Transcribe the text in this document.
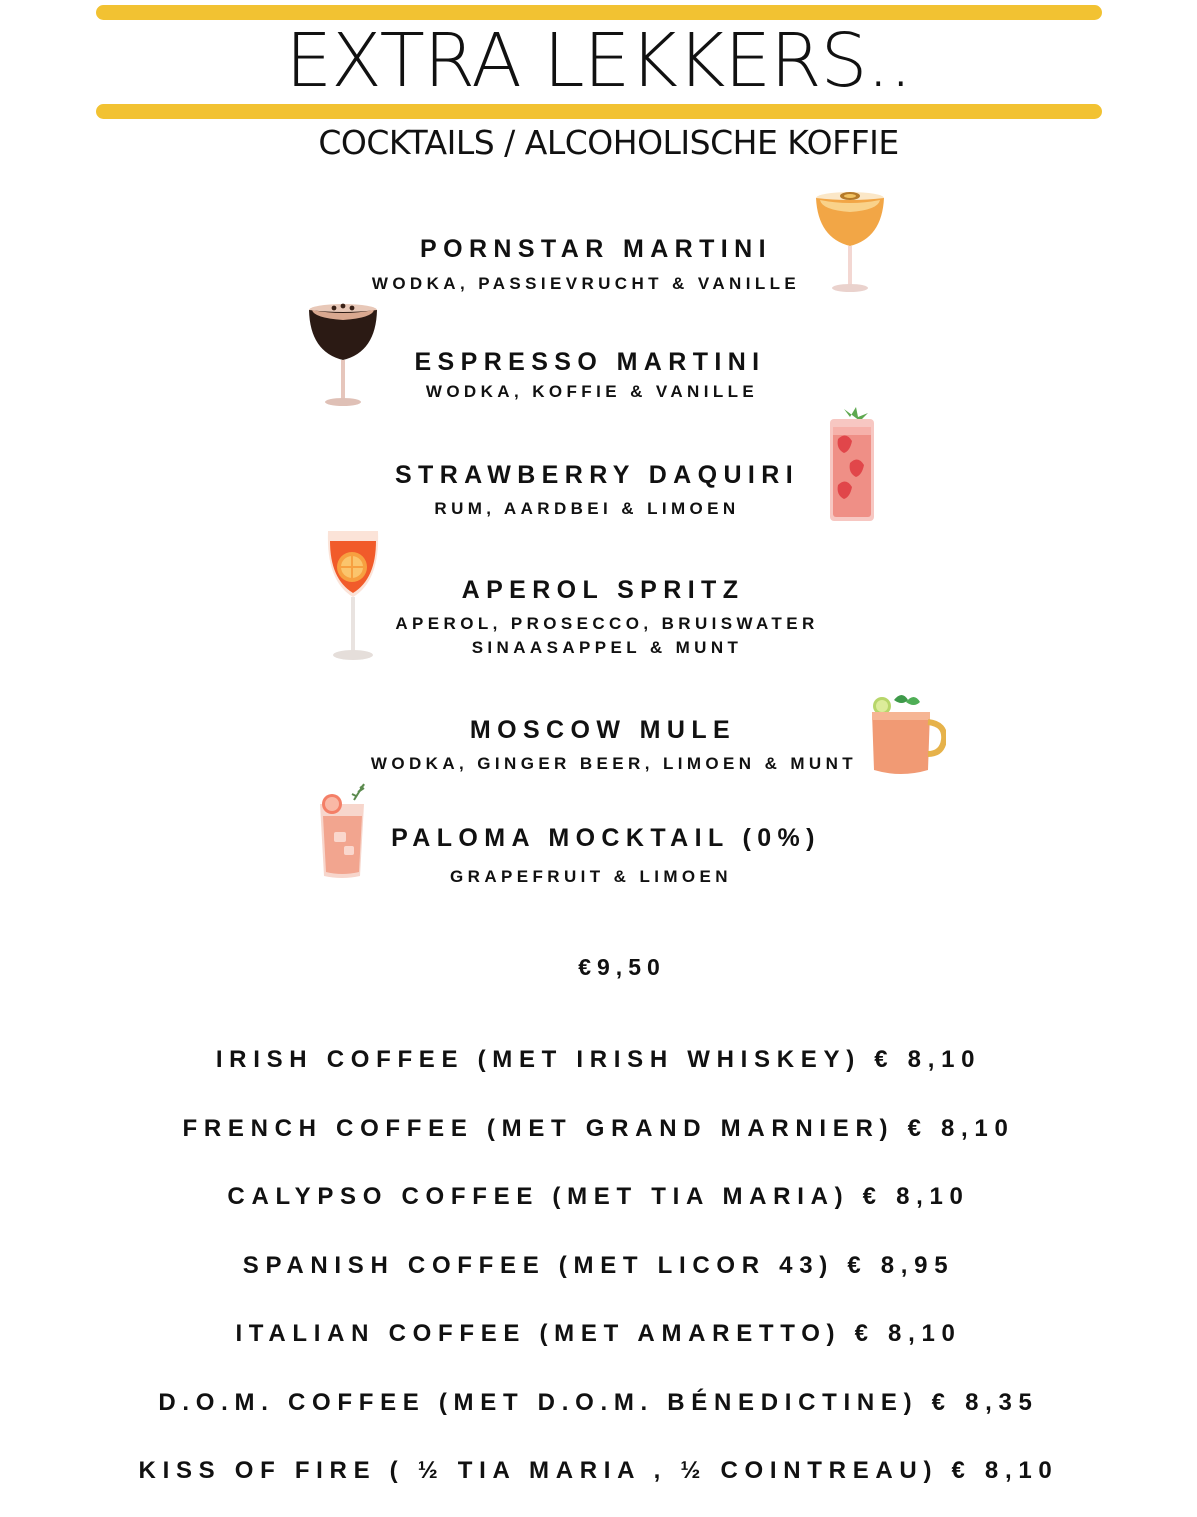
EXTRA LEKKERS..
COCKTAILS / ALCOHOLISCHE KOFFIE
PORNSTAR MARTINI
WODKA, PASSIEVRUCHT & VANILLE
ESPRESSO MARTINI
WODKA, KOFFIE & VANILLE
STRAWBERRY DAQUIRI
RUM, AARDBEI & LIMOEN
APEROL SPRITZ
APEROL, PROSECCO, BRUISWATER
SINAASAPPEL & MUNT
MOSCOW MULE
WODKA, GINGER BEER, LIMOEN & MUNT
PALOMA MOCKTAIL (0%)
GRAPEFRUIT & LIMOEN
€9,50
IRISH COFFEE (MET IRISH WHISKEY) € 8,10
FRENCH COFFEE (MET GRAND MARNIER) € 8,10
CALYPSO COFFEE (MET TIA MARIA) € 8,10
SPANISH COFFEE (MET LICOR 43) € 8,95
ITALIAN COFFEE (MET AMARETTO) € 8,10
D.O.M. COFFEE (MET D.O.M. BÉNEDICTINE) € 8,35
KISS OF FIRE ( ½ TIA MARIA , ½ COINTREAU) € 8,10
